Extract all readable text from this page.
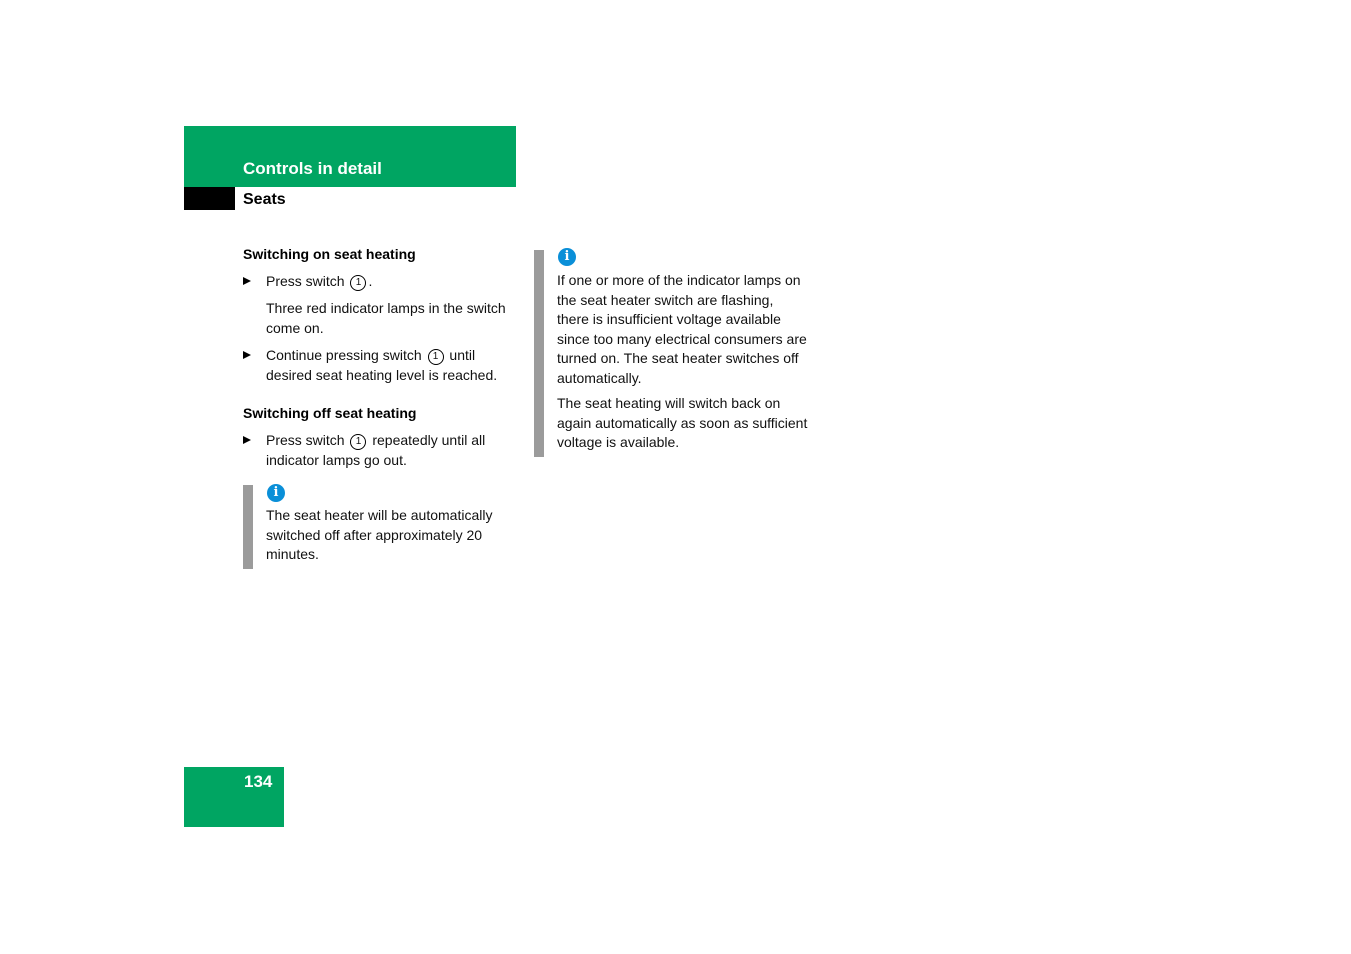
Controls in detail
Seats
Switching on seat heating
Press switch 1 .
Three red indicator lamps in the switch come on.
Continue pressing switch 1 until desired seat heating level is reached.
Switching off seat heating
Press switch 1 repeatedly until all indicator lamps go out.
i
The seat heater will be automatically switched off after approximately 20 minutes.
i
If one or more of the indicator lamps on the seat heater switch are flashing, there is insufficient voltage available since too many electrical consumers are turned on. The seat heater switches off automatically.
The seat heating will switch back on again automatically as soon as sufficient voltage is available.
134
